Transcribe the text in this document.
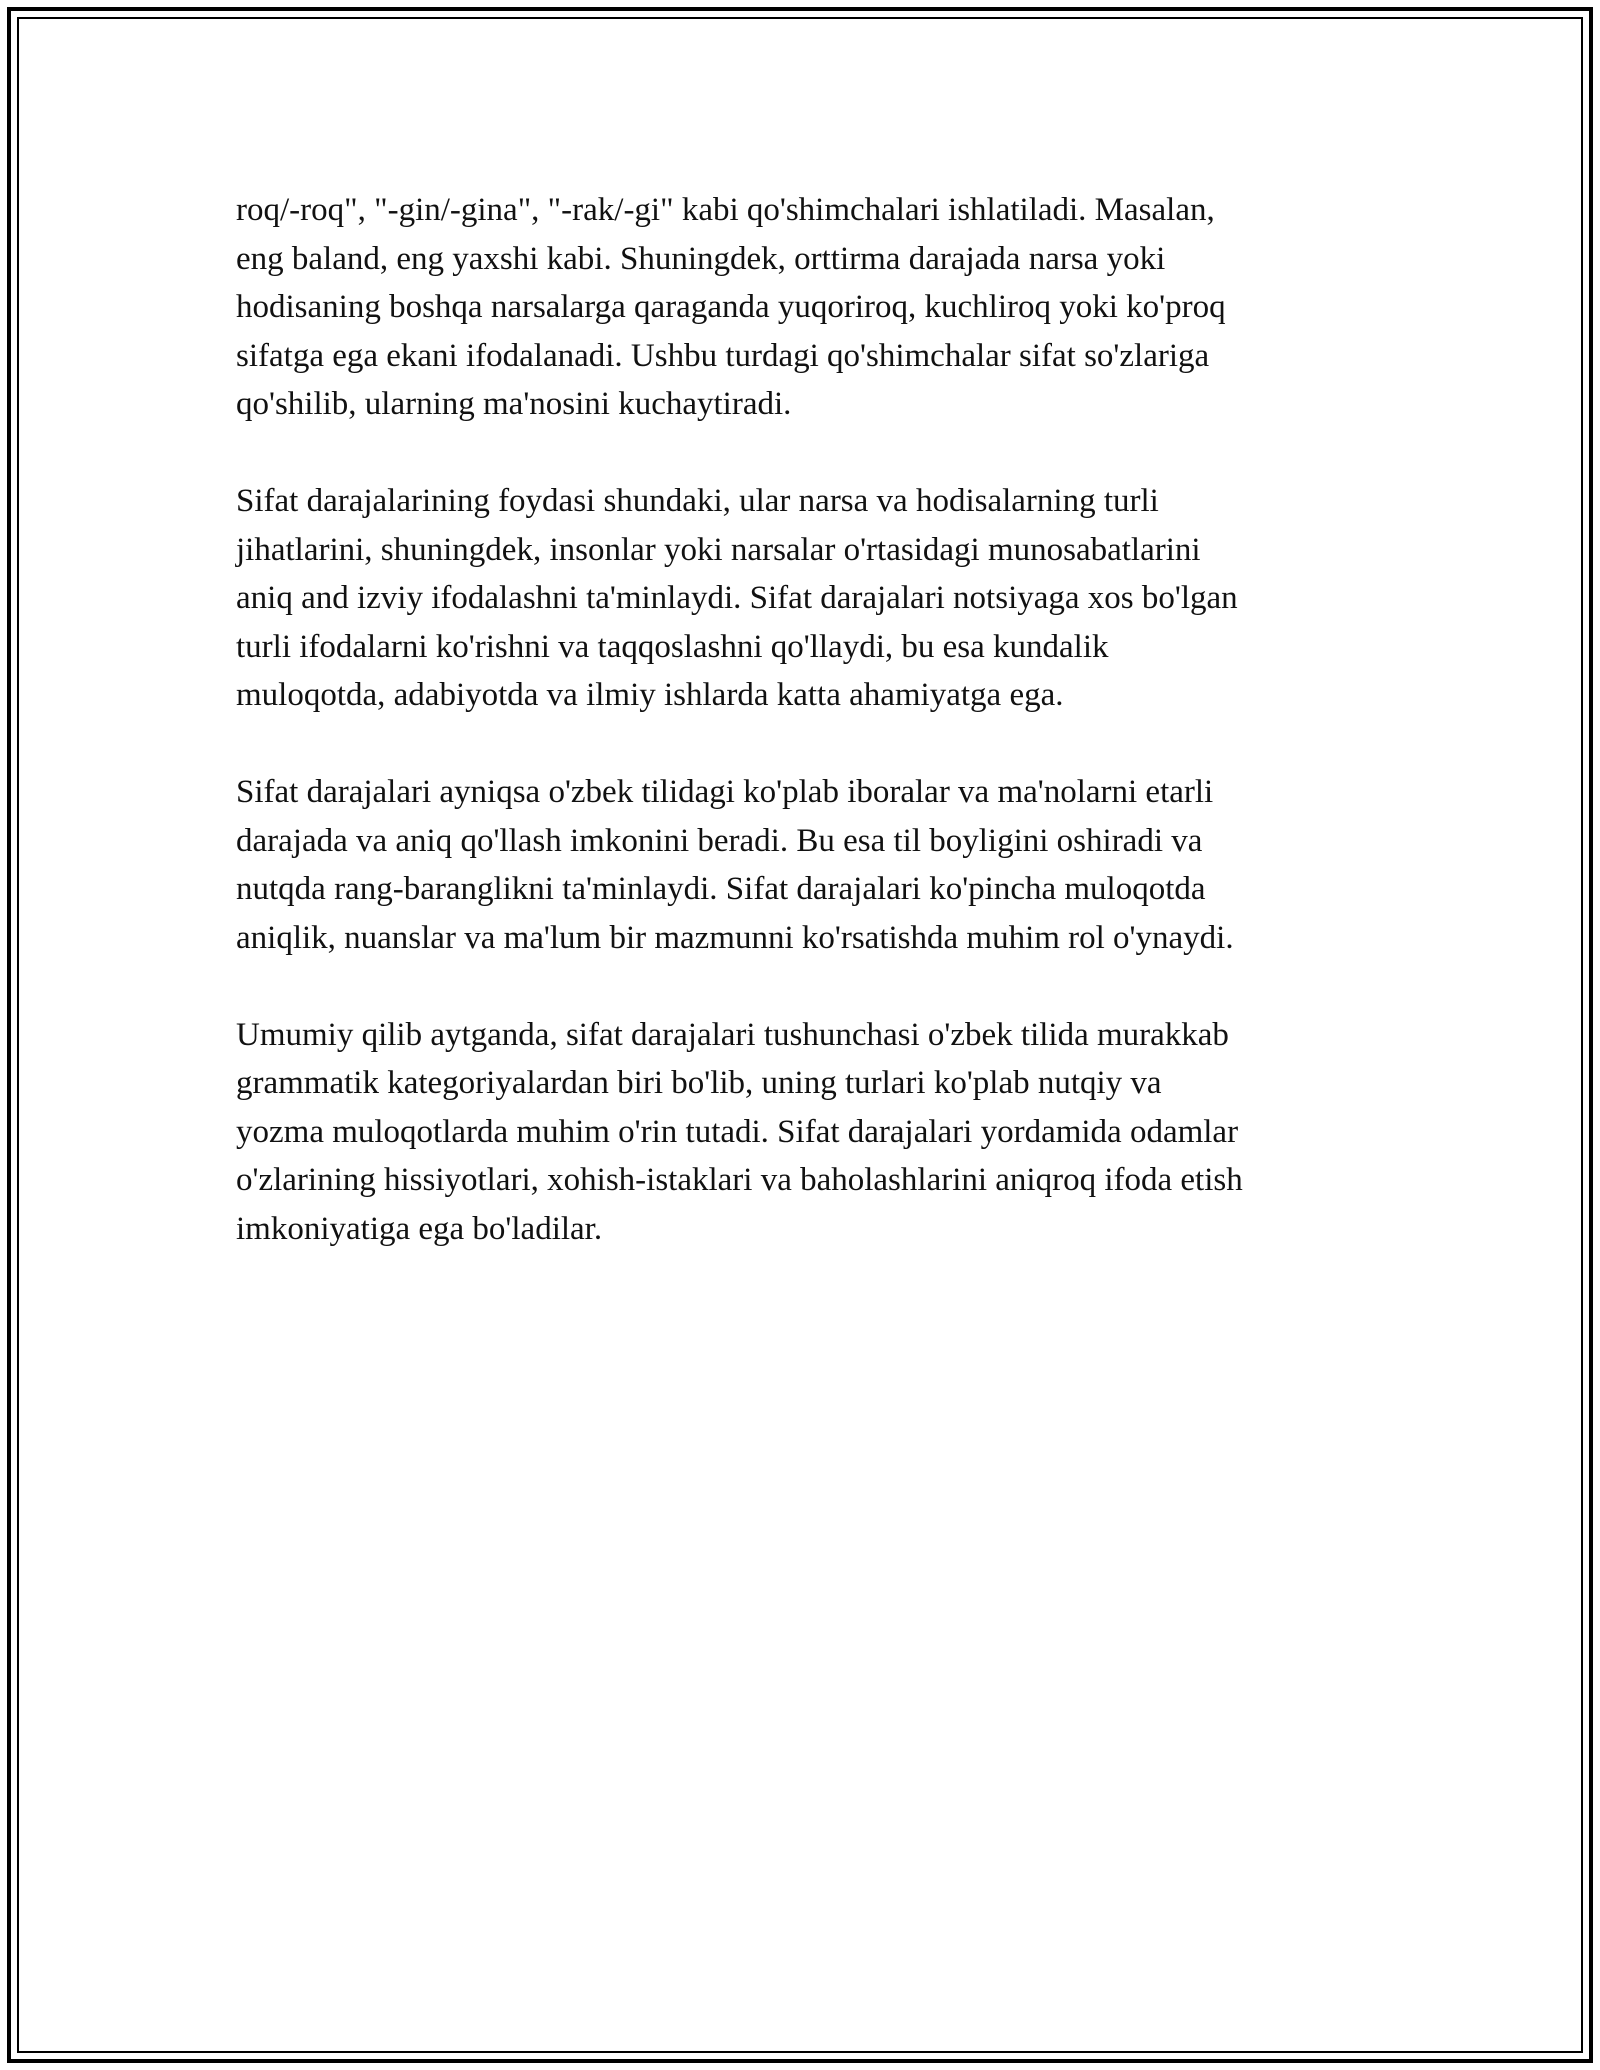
roq/-roq", "-gin/-gina", "-rak/-gi" kabi qo'shimchalari ishlatiladi. Masalan,
eng baland, eng yaxshi kabi. Shuningdek, orttirma darajada narsa yoki
hodisaning boshqa narsalarga qaraganda yuqoriroq, kuchliroq yoki ko'proq
sifatga ega ekani ifodalanadi. Ushbu turdagi qo'shimchalar sifat so'zlariga
qo'shilib, ularning ma'nosini kuchaytiradi.

Sifat darajalarining foydasi shundaki, ular narsa va hodisalarning turli
jihatlarini, shuningdek, insonlar yoki narsalar o'rtasidagi munosabatlarini
aniq and izviy ifodalashni ta'minlaydi. Sifat darajalari notsiyaga xos bo'lgan
turli ifodalarni ko'rishni va taqqoslashni qo'llaydi, bu esa kundalik
muloqotda, adabiyotda va ilmiy ishlarda katta ahamiyatga ega.

Sifat darajalari ayniqsa o'zbek tilidagi ko'plab iboralar va ma'nolarni etarli
darajada va aniq qo'llash imkonini beradi. Bu esa til boyligini oshiradi va
nutqda rang-baranglikni ta'minlaydi. Sifat darajalari ko'pincha muloqotda
aniqlik, nuanslar va ma'lum bir mazmunni ko'rsatishda muhim rol o'ynaydi.

Umumiy qilib aytganda, sifat darajalari tushunchasi o'zbek tilida murakkab
grammatik kategoriyalardan biri bo'lib, uning turlari ko'plab nutqiy va
yozma muloqotlarda muhim o'rin tutadi. Sifat darajalari yordamida odamlar
o'zlarining hissiyotlari, xohish-istaklari va baholashlarini aniqroq ifoda etish
imkoniyatiga ega bo'ladilar.
